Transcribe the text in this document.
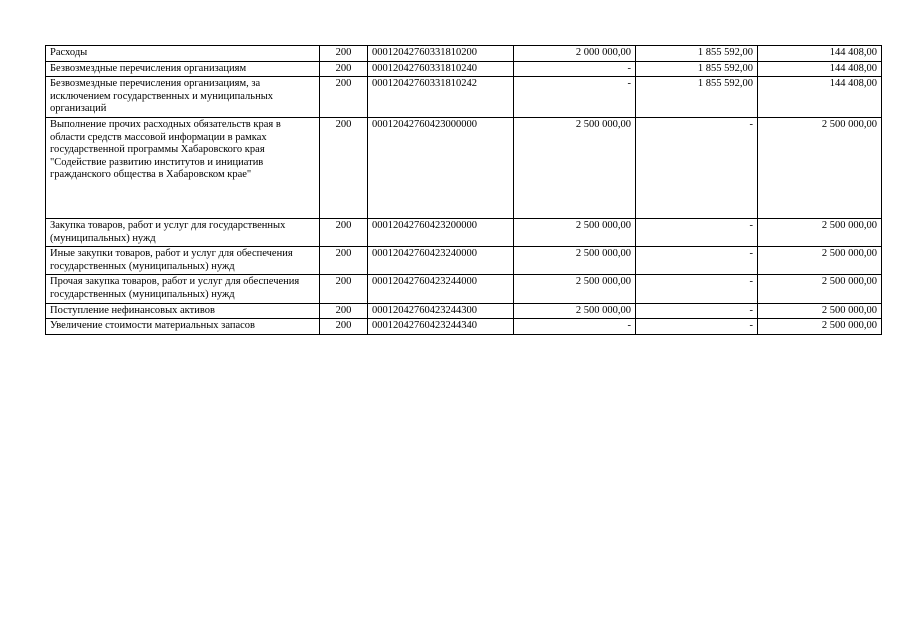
Расходы	200	00012042760331810200	2 000 000,00	1 855 592,00	144 408,00
Безвозмездные перечисления организациям	200	00012042760331810240	-	1 855 592,00	144 408,00
Безвозмездные перечисления организациям, за исключением государственных и муниципальных организаций	200	00012042760331810242	-	1 855 592,00	144 408,00
Выполнение прочих расходных обязательств края в области средств массовой информации в рамках государственной программы Хабаровского края "Содействие развитию институтов и инициатив гражданского общества в Хабаровском крае"	200	00012042760423000000	2 500 000,00	-	2 500 000,00
Закупка товаров, работ и услуг для государственных (муниципальных) нужд	200	00012042760423200000	2 500 000,00	-	2 500 000,00
Иные закупки товаров, работ и услуг для обеспечения государственных (муниципальных) нужд	200	00012042760423240000	2 500 000,00	-	2 500 000,00
Прочая закупка товаров, работ и услуг для обеспечения государственных (муниципальных) нужд	200	00012042760423244000	2 500 000,00	-	2 500 000,00
Поступление нефинансовых активов	200	00012042760423244300	2 500 000,00	-	2 500 000,00
Увеличение стоимости материальных запасов	200	00012042760423244340	-	-	2 500 000,00
